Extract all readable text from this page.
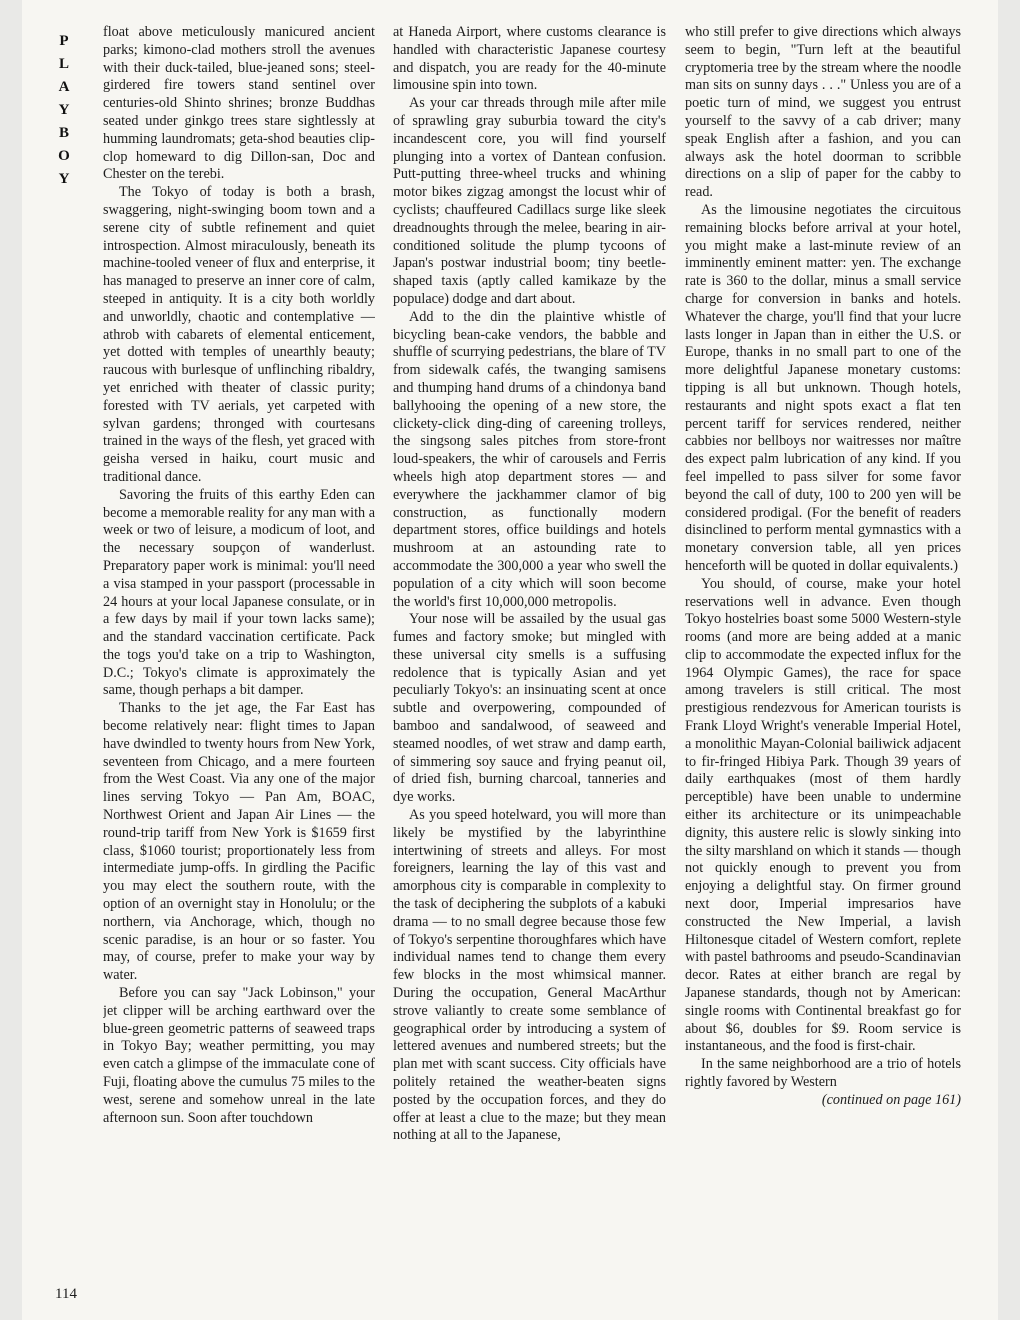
P
L
A
Y
B
O
Y

float above meticulously manicured ancient parks; kimono-clad mothers stroll the avenues with their duck-tailed, blue-jeaned sons; steel-girdered fire towers stand sentinel over centuries-old Shinto shrines; bronze Buddhas seated under ginkgo trees stare sightlessly at humming laundromats; geta-shod beauties clip-clop homeward to dig Dillon-san, Doc and Chester on the terebi.

The Tokyo of today is both a brash, swaggering, night-swinging boom town and a serene city of subtle refinement and quiet introspection. Almost miraculously, beneath its machine-tooled veneer of flux and enterprise, it has managed to preserve an inner core of calm, steeped in antiquity. It is a city both worldly and unworldly, chaotic and contemplative — athrob with cabarets of elemental enticement, yet dotted with temples of unearthly beauty; raucous with burlesque of unflinching ribaldry, yet enriched with theater of classic purity; forested with TV aerials, yet carpeted with sylvan gardens; thronged with courtesans trained in the ways of the flesh, yet graced with geisha versed in haiku, court music and traditional dance.

Savoring the fruits of this earthy Eden can become a memorable reality for any man with a week or two of leisure, a modicum of loot, and the necessary soupçon of wanderlust. Preparatory paper work is minimal: you'll need a visa stamped in your passport (processable in 24 hours at your local Japanese consulate, or in a few days by mail if your town lacks same); and the standard vaccination certificate. Pack the togs you'd take on a trip to Washington, D.C.; Tokyo's climate is approximately the same, though perhaps a bit damper.

Thanks to the jet age, the Far East has become relatively near: flight times to Japan have dwindled to twenty hours from New York, seventeen from Chicago, and a mere fourteen from the West Coast. Via any one of the major lines serving Tokyo — Pan Am, BOAC, Northwest Orient and Japan Air Lines — the round-trip tariff from New York is $1659 first class, $1060 tourist; proportionately less from intermediate jump-offs. In girdling the Pacific you may elect the southern route, with the option of an overnight stay in Honolulu; or the northern, via Anchorage, which, though no scenic paradise, is an hour or so faster. You may, of course, prefer to make your way by water.

Before you can say "Jack Lobinson," your jet clipper will be arching earthward over the blue-green geometric patterns of seaweed traps in Tokyo Bay; weather permitting, you may even catch a glimpse of the immaculate cone of Fuji, floating above the cumulus 75 miles to the west, serene and somehow unreal in the late afternoon sun. Soon after touchdown

at Haneda Airport, where customs clearance is handled with characteristic Japanese courtesy and dispatch, you are ready for the 40-minute limousine spin into town.

As your car threads through mile after mile of sprawling gray suburbia toward the city's incandescent core, you will find yourself plunging into a vortex of Dantean confusion. Putt-putting three-wheel trucks and whining motor bikes zigzag amongst the locust whir of cyclists; chauffeured Cadillacs surge like sleek dreadnoughts through the melee, bearing in air-conditioned solitude the plump tycoons of Japan's postwar industrial boom; tiny beetle-shaped taxis (aptly called kamikaze by the populace) dodge and dart about.

Add to the din the plaintive whistle of bicycling bean-cake vendors, the babble and shuffle of scurrying pedestrians, the blare of TV from sidewalk cafés, the twanging samisens and thumping hand drums of a chindonya band ballyhooing the opening of a new store, the clickety-click ding-ding of careening trolleys, the singsong sales pitches from store-front loud-speakers, the whir of carousels and Ferris wheels high atop department stores — and everywhere the jackhammer clamor of big construction, as functionally modern department stores, office buildings and hotels mushroom at an astounding rate to accommodate the 300,000 a year who swell the population of a city which will soon become the world's first 10,000,000 metropolis.

Your nose will be assailed by the usual gas fumes and factory smoke; but mingled with these universal city smells is a suffusing redolence that is typically Asian and yet peculiarly Tokyo's: an insinuating scent at once subtle and overpowering, compounded of bamboo and sandalwood, of seaweed and steamed noodles, of wet straw and damp earth, of simmering soy sauce and frying peanut oil, of dried fish, burning charcoal, tanneries and dye works.

As you speed hotelward, you will more than likely be mystified by the labyrinthine intertwining of streets and alleys. For most foreigners, learning the lay of this vast and amorphous city is comparable in complexity to the task of deciphering the subplots of a kabuki drama — to no small degree because those few of Tokyo's serpentine thoroughfares which have individual names tend to change them every few blocks in the most whimsical manner. During the occupation, General MacArthur strove valiantly to create some semblance of geographical order by introducing a system of lettered avenues and numbered streets; but the plan met with scant success. City officials have politely retained the weather-beaten signs posted by the occupation forces, and they do offer at least a clue to the maze; but they mean nothing at all to the Japanese,

who still prefer to give directions which always seem to begin, "Turn left at the beautiful cryptomeria tree by the stream where the noodle man sits on sunny days . . ." Unless you are of a poetic turn of mind, we suggest you entrust yourself to the savvy of a cab driver; many speak English after a fashion, and you can always ask the hotel doorman to scribble directions on a slip of paper for the cabby to read.

As the limousine negotiates the circuitous remaining blocks before arrival at your hotel, you might make a last-minute review of an imminently eminent matter: yen. The exchange rate is 360 to the dollar, minus a small service charge for conversion in banks and hotels. Whatever the charge, you'll find that your lucre lasts longer in Japan than in either the U.S. or Europe, thanks in no small part to one of the more delightful Japanese monetary customs: tipping is all but unknown. Though hotels, restaurants and night spots exact a flat ten percent tariff for services rendered, neither cabbies nor bellboys nor waitresses nor maître des expect palm lubrication of any kind. If you feel impelled to pass silver for some favor beyond the call of duty, 100 to 200 yen will be considered prodigal. (For the benefit of readers disinclined to perform mental gymnastics with a monetary conversion table, all yen prices henceforth will be quoted in dollar equivalents.)

You should, of course, make your hotel reservations well in advance. Even though Tokyo hostelries boast some 5000 Western-style rooms (and more are being added at a manic clip to accommodate the expected influx for the 1964 Olympic Games), the race for space among travelers is still critical. The most prestigious rendezvous for American tourists is Frank Lloyd Wright's venerable Imperial Hotel, a monolithic Mayan-Colonial bailiwick adjacent to fir-fringed Hibiya Park. Though 39 years of daily earthquakes (most of them hardly perceptible) have been unable to undermine either its architecture or its unimpeachable dignity, this austere relic is slowly sinking into the silty marshland on which it stands — though not quickly enough to prevent you from enjoying a delightful stay. On firmer ground next door, Imperial impresarios have constructed the New Imperial, a lavish Hiltonesque citadel of Western comfort, replete with pastel bathrooms and pseudo-Scandinavian decor. Rates at either branch are regal by Japanese standards, though not by American: single rooms with Continental breakfast go for about $6, doubles for $9. Room service is instantaneous, and the food is first-chair.

In the same neighborhood are a trio of hotels rightly favored by Western

(continued on page 161)

114
